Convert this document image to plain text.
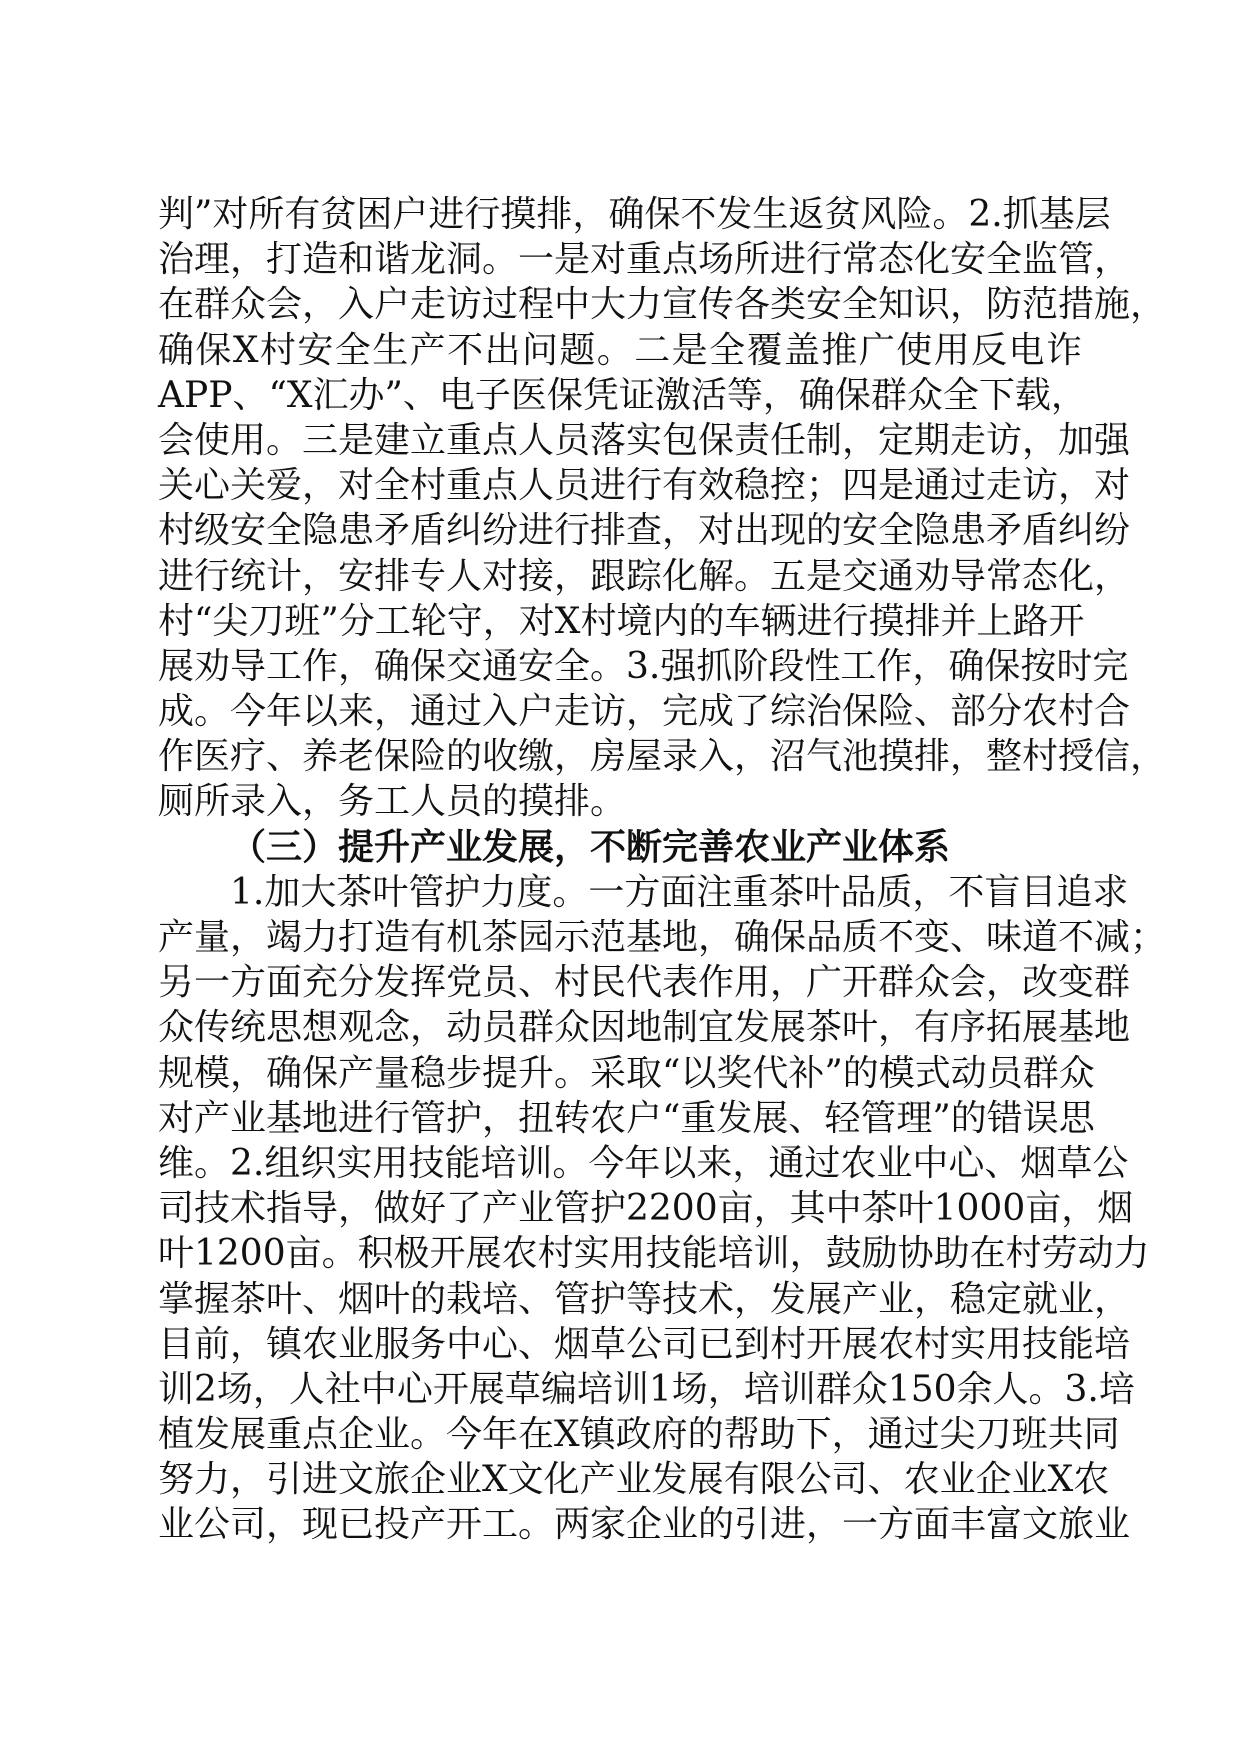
判”对所有贫困户进行摸排，确保不发生返贫风险。2.抓基层
治理，打造和谐龙洞。一是对重点场所进行常态化安全监管，
在群众会，入户走访过程中大力宣传各类安全知识，防范措施，
确保X村安全生产不出问题。二是全覆盖推广使用反电诈
APP、“X汇办”、电子医保凭证激活等，确保群众全下载，
会使用。三是建立重点人员落实包保责任制，定期走访，加强
关心关爱，对全村重点人员进行有效稳控；四是通过走访，对
村级安全隐患矛盾纠纷进行排查，对出现的安全隐患矛盾纠纷
进行统计，安排专人对接，跟踪化解。五是交通劝导常态化，
村“尖刀班”分工轮守，对X村境内的车辆进行摸排并上路开
展劝导工作，确保交通安全。3.强抓阶段性工作，确保按时完
成。今年以来，通过入户走访，完成了综治保险、部分农村合
作医疗、养老保险的收缴，房屋录入，沼气池摸排，整村授信，
厕所录入，务工人员的摸排。
（三）提升产业发展，不断完善农业产业体系
1.加大茶叶管护力度。一方面注重茶叶品质，不盲目追求
产量，竭力打造有机茶园示范基地，确保品质不变、味道不减；
另一方面充分发挥党员、村民代表作用，广开群众会，改变群
众传统思想观念，动员群众因地制宜发展茶叶，有序拓展基地
规模，确保产量稳步提升。采取“以奖代补”的模式动员群众
对产业基地进行管护，扭转农户“重发展、轻管理”的错误思
维。2.组织实用技能培训。今年以来，通过农业中心、烟草公
司技术指导，做好了产业管护2200亩，其中茶叶1000亩，烟
叶1200亩。积极开展农村实用技能培训，鼓励协助在村劳动力
掌握茶叶、烟叶的栽培、管护等技术，发展产业，稳定就业，
目前，镇农业服务中心、烟草公司已到村开展农村实用技能培
训2场，人社中心开展草编培训1场，培训群众150余人。3.培
植发展重点企业。今年在X镇政府的帮助下，通过尖刀班共同
努力，引进文旅企业X文化产业发展有限公司、农业企业X农
业公司，现已投产开工。两家企业的引进，一方面丰富文旅业
